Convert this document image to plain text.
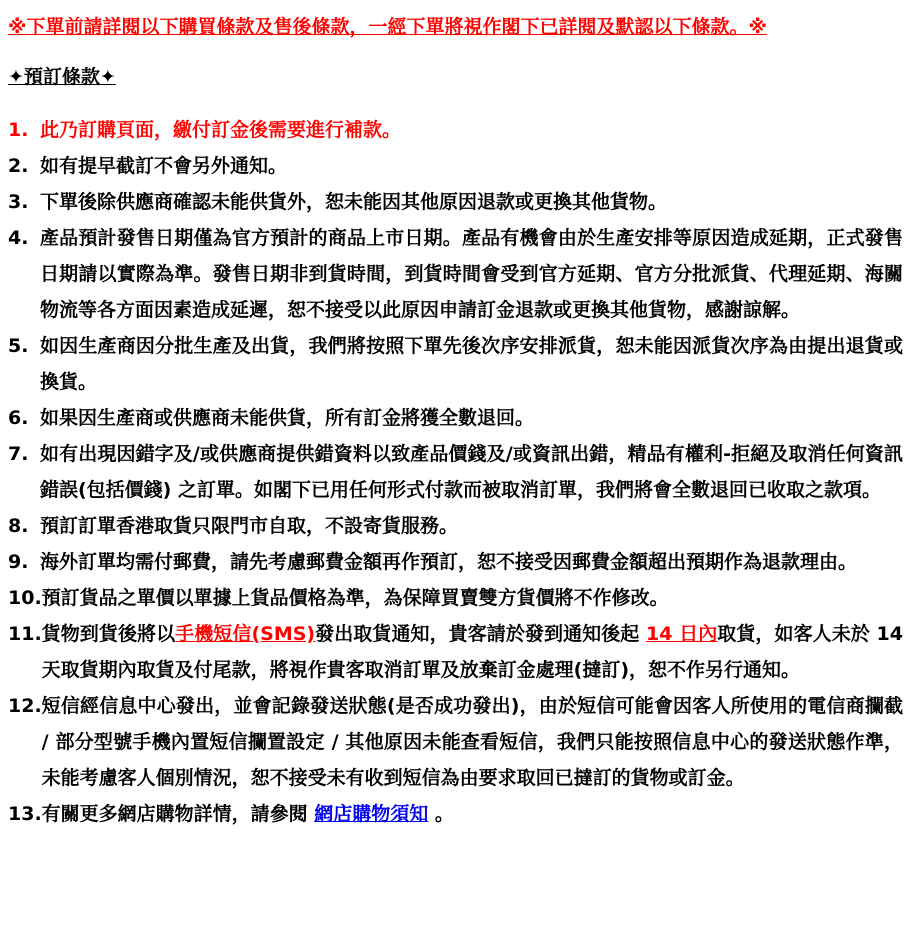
※下單前請詳閱以下購買條款及售後條款，一經下單將視作閣下已詳閱及默認以下條款。※
✦預訂條款✦
1. 此乃訂購頁面，繳付訂金後需要進行補款。
2. 如有提早截訂不會另外通知。
3. 下單後除供應商確認未能供貨外，恕未能因其他原因退款或更換其他貨物。
4. 產品預計發售日期僅為官方預計的商品上市日期。產品有機會由於生產安排等原因造成延期，正式發售日期請以實際為準。發售日期非到貨時間，到貨時間會受到官方延期、官方分批派貨、代理延期、海關物流等各方面因素造成延遲，恕不接受以此原因申請訂金退款或更換其他貨物，感謝諒解。
5. 如因生產商因分批生產及出貨，我們將按照下單先後次序安排派貨，恕未能因派貨次序為由提出退貨或換貨。
6. 如果因生產商或供應商未能供貨，所有訂金將獲全數退回。
7. 如有出現因錯字及/或供應商提供錯資料以致產品價錢及/或資訊出錯，精品有權利-拒絕及取消任何資訊錯誤(包括價錢) 之訂單。如閣下已用任何形式付款而被取消訂單，我們將會全數退回已收取之款項。
8. 預訂訂單香港取貨只限門市自取，不設寄貨服務。
9. 海外訂單均需付郵費，請先考慮郵費金額再作預訂，恕不接受因郵費金額超出預期作為退款理由。
10. 預訂貨品之單價以單據上貨品價格為準，為保障買賣雙方貨價將不作修改。
11. 貨物到貨後將以手機短信(SMS)發出取貨通知，貴客請於發到通知後起 14 日內取貨，如客人未於 14 天取貨期內取貨及付尾款，將視作貴客取消訂單及放棄訂金處理(撻訂)，恕不作另行通知。
12. 短信經信息中心發出，並會記錄發送狀態(是否成功發出)，由於短信可能會因客人所使用的電信商攔截 / 部分型號手機內置短信攔置設定 / 其他原因未能查看短信，我們只能按照信息中心的發送狀態作準，未能考慮客人個別情況，恕不接受未有收到短信為由要求取回已撻訂的貨物或訂金。
13. 有關更多網店購物詳情，請參閱 網店購物須知 。
